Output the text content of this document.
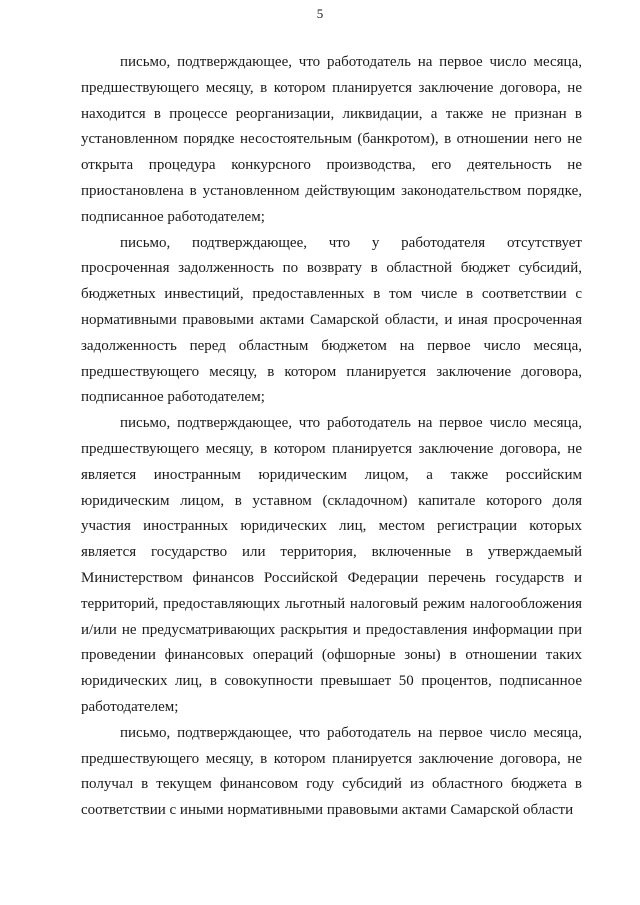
5

письмо, подтверждающее, что работодатель на первое число месяца, предшествующего месяцу, в котором планируется заключение договора, не находится в процессе реорганизации, ликвидации, а также не признан в установленном порядке несостоятельным (банкротом), в отношении него не открыта процедура конкурсного производства, его деятельность не приостановлена в установленном действующим законодательством порядке, подписанное работодателем;

письмо, подтверждающее, что у работодателя отсутствует просроченная задолженность по возврату в областной бюджет субсидий, бюджетных инвестиций, предоставленных в том числе в соответствии с нормативными правовыми актами Самарской области, и иная просроченная задолженность перед областным бюджетом на первое число месяца, предшествующего месяцу, в котором планируется заключение договора, подписанное работодателем;

письмо, подтверждающее, что работодатель на первое число месяца, предшествующего месяцу, в котором планируется заключение договора, не является иностранным юридическим лицом, а также российским юридическим лицом, в уставном (складочном) капитале которого доля участия иностранных юридических лиц, местом регистрации которых является государство или территория, включенные в утверждаемый Министерством финансов Российской Федерации перечень государств и территорий, предоставляющих льготный налоговый режим налогообложения и/или не предусматривающих раскрытия и предоставления информации при проведении финансовых операций (офшорные зоны) в отношении таких юридических лиц, в совокупности превышает 50 процентов, подписанное работодателем;

письмо, подтверждающее, что работодатель на первое число месяца, предшествующего месяцу, в котором планируется заключение договора, не получал в текущем финансовом году субсидий из областного бюджета в соответствии с иными нормативными правовыми актами Самарской области
